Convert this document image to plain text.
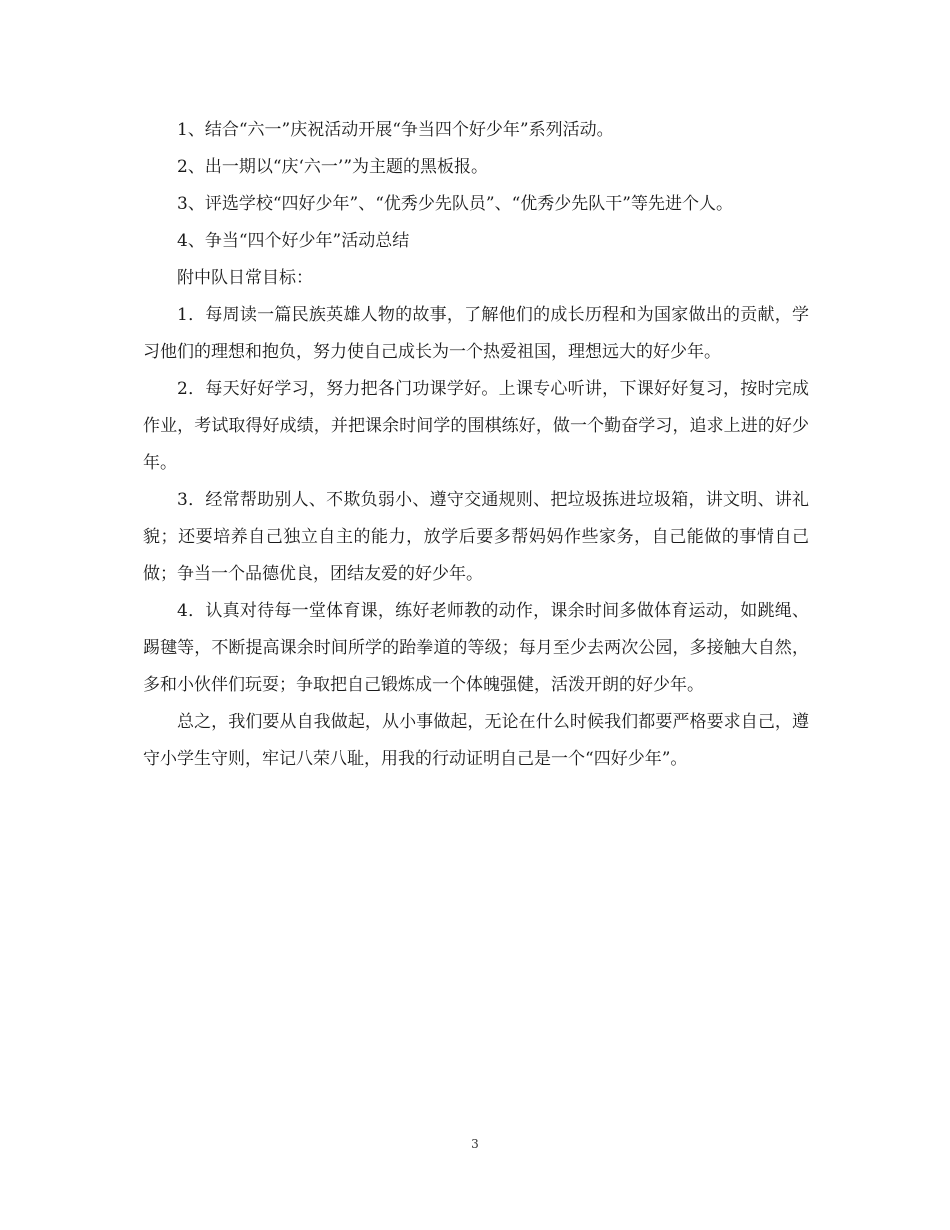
1、结合“六一”庆祝活动开展“争当四个好少年”系列活动。

2、出一期以“庆‘六一’”为主题的黑板报。

3、评选学校“四好少年”、“优秀少先队员”、“优秀少先队干”等先进个人。

4、争当“四个好少年”活动总结

附中队日常目标：

1．每周读一篇民族英雄人物的故事，了解他们的成长历程和为国家做出的贡献，学习他们的理想和抱负，努力使自己成长为一个热爱祖国，理想远大的好少年。

2．每天好好学习，努力把各门功课学好。上课专心听讲，下课好好复习，按时完成作业，考试取得好成绩，并把课余时间学的围棋练好，做一个勤奋学习，追求上进的好少年。

3．经常帮助别人、不欺负弱小、遵守交通规则、把垃圾拣进垃圾箱，讲文明、讲礼貌；还要培养自己独立自主的能力，放学后要多帮妈妈作些家务，自己能做的事情自己做；争当一个品德优良，团结友爱的好少年。

4．认真对待每一堂体育课，练好老师教的动作，课余时间多做体育运动，如跳绳、踢毽等，不断提高课余时间所学的跆拳道的等级；每月至少去两次公园，多接触大自然，多和小伙伴们玩耍；争取把自己锻炼成一个体魄强健，活泼开朗的好少年。

总之，我们要从自我做起，从小事做起，无论在什么时候我们都要严格要求自己，遵守小学生守则，牢记八荣八耻，用我的行动证明自己是一个“四好少年”。

3
